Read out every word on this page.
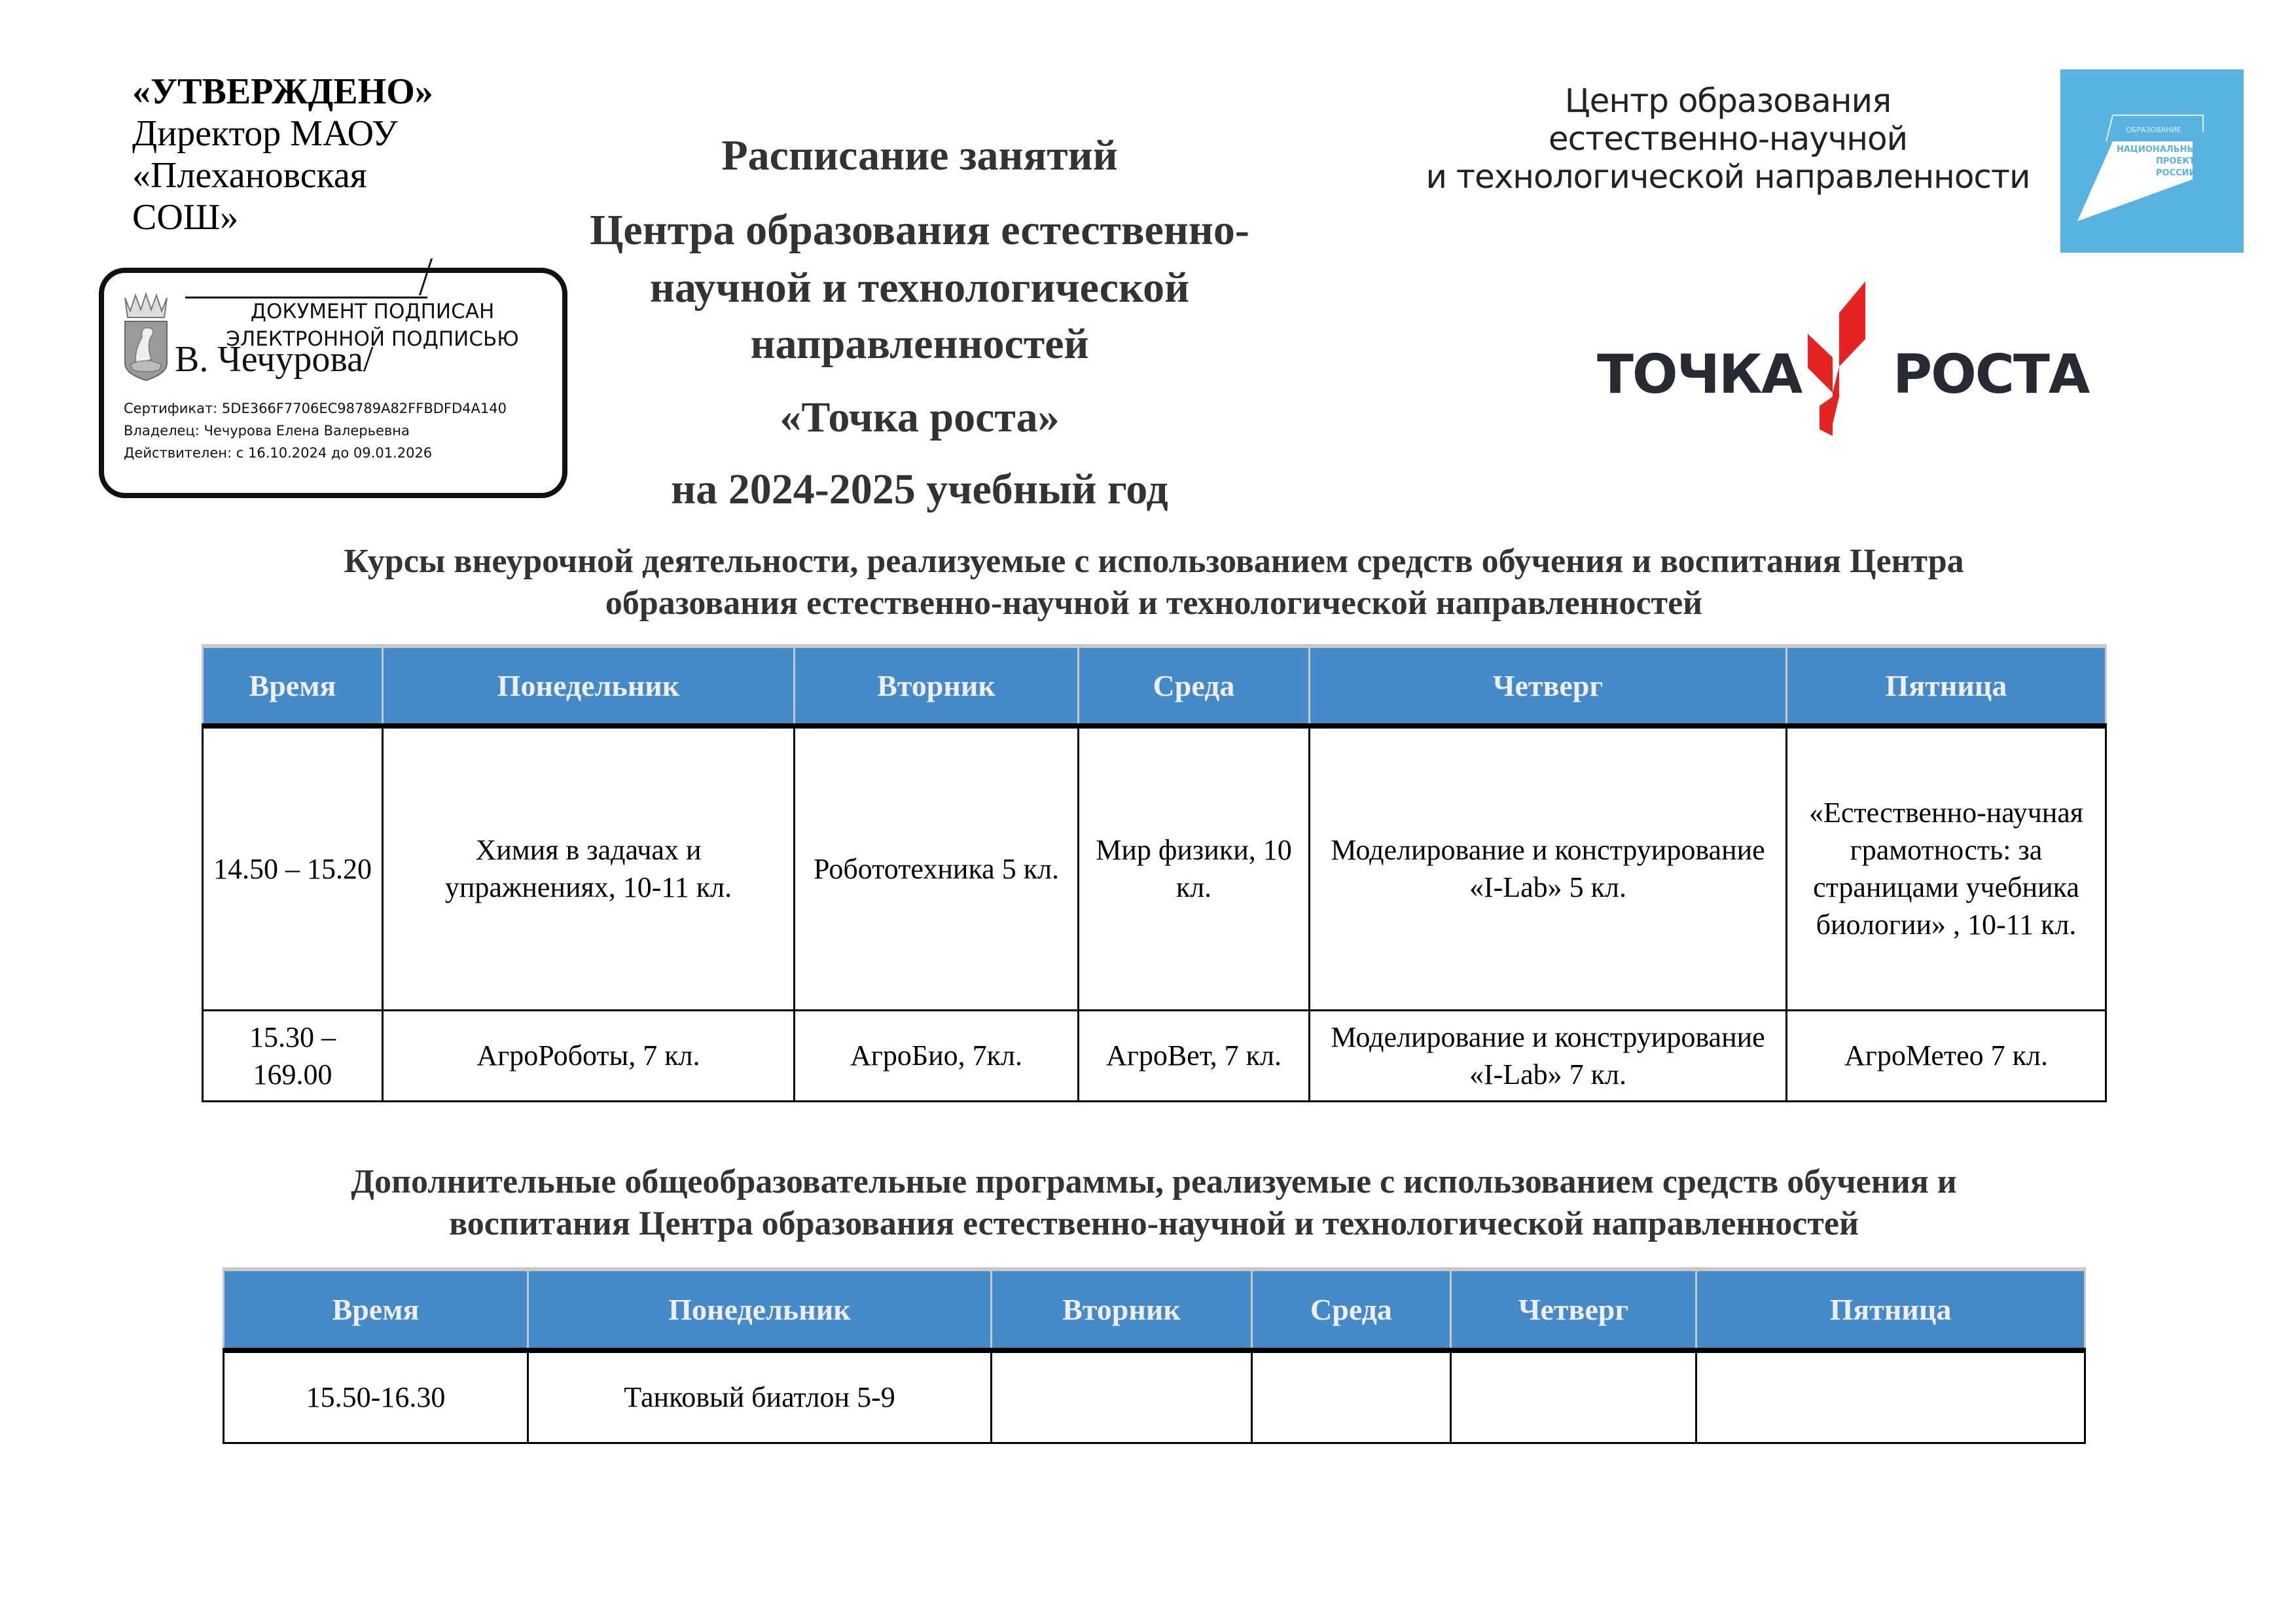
«УТВЕРЖДЕНО»
Директор МАОУ
«Плехановская
СОШ»
ДОКУМЕНТ ПОДПИСАН
ЭЛЕКТРОННОЙ ПОДПИСЬЮ
В. Чечурова/
Сертификат: 5DE366F7706EC98789A82FFBDFD4A140
Владелец: Чечурова Елена Валерьевна
Действителен: с 16.10.2024 до 09.01.2026
Расписание занятий
Центра образования естественно-
научной и технологической
направленностей
«Точка роста»
на 2024-2025 учебный год
Центр образования
естественно-научной
и технологической направленности
ОБРАЗОВАНИЕ
НАЦИОНАЛЬНЫЕ
ПРОЕКТЫ
РОССИИ
ТОЧКА РОСТА
Курсы внеурочной деятельности, реализуемые с использованием средств обучения и воспитания Центра
образования естественно-научной и технологической направленностей
Время	Понедельник	Вторник	Среда	Четверг	Пятница
14.50 – 15.20	Химия в задачах и упражнениях, 10-11 кл.	Робототехника 5 кл.	Мир физики, 10 кл.	Моделирование и конструирование «I-Lab» 5 кл.	«Естественно-научная грамотность: за страницами учебника биологии» , 10-11 кл.
15.30 – 169.00	АгроРоботы, 7 кл.	АгроБио, 7кл.	АгроВет, 7 кл.	Моделирование и конструирование «I-Lab» 7 кл.	АгроМетео 7 кл.
Дополнительные общеобразовательные программы, реализуемые с использованием средств обучения и
воспитания Центра образования естественно-научной и технологической направленностей
Время	Понедельник	Вторник	Среда	Четверг	Пятница
15.50-16.30	Танковый биатлон 5-9				
